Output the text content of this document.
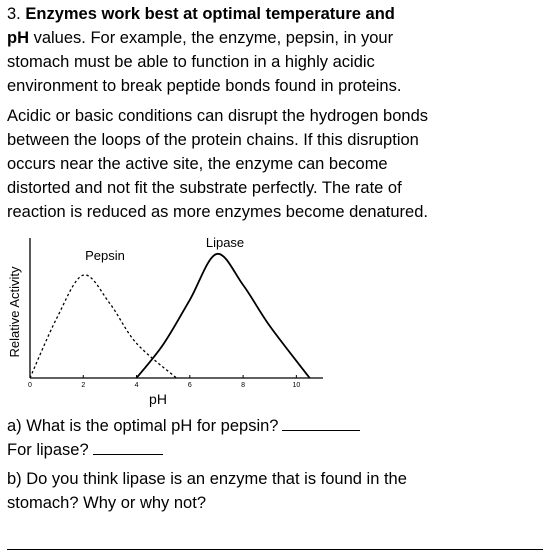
3. Enzymes work best at optimal temperature and
pH values. For example, the enzyme, pepsin, in your
stomach must be able to function in a highly acidic
environment to break peptide bonds found in proteins.
Acidic or basic conditions can disrupt the hydrogen bonds
between the loops of the protein chains. If this disruption
occurs near the active site, the enzyme can become
distorted and not fit the substrate perfectly. The rate of
reaction is reduced as more enzymes become denatured.
0	2	4	6	8	10
Pepsin
Lipase
pH
Relative Activity
a) What is the optimal pH for pepsin?
For lipase?
b) Do you think lipase is an enzyme that is found in the
stomach? Why or why not?
